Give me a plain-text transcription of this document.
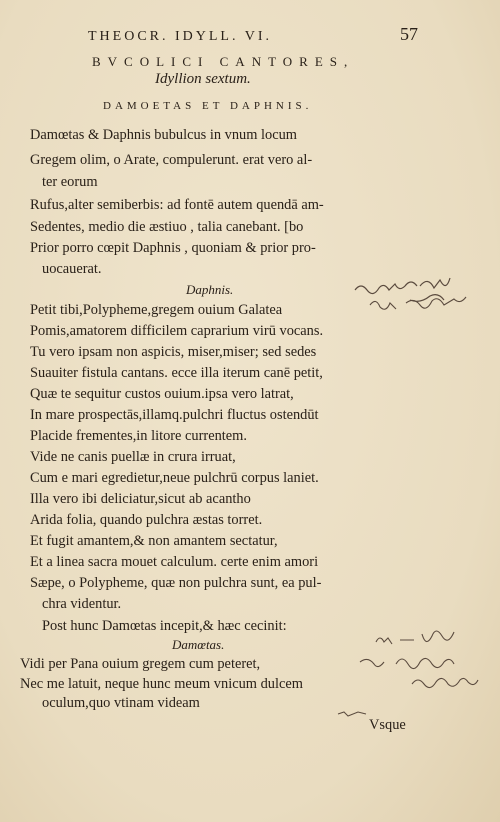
THEOCR. IDYLL. VI.	57
BVCOLICI CANTORES,
Idyllion sextum.
DAMOETAS ET DAPHNIS.
Damœtas & Daphnis bubulcus in vnum locum
Gregem olim, o Arate, compulerunt. erat vero al-
ter eorum
Rufus,alter semiberbis: ad fontē autem quendā am-
Sedentes, medio die æstiuo , talia canebant. [bo
Prior porro cœpit Daphnis , quoniam & prior pro-
uocauerat.
Daphnis.
Petit tibi,Polypheme,gregem ouium Galatea
Pomis,amatorem difficilem caprarium virū vocans.
Tu vero ipsam non aspicis, miser,miser; sed sedes
Suauiter fistula cantans. ecce illa iterum canē petit,
Quæ te sequitur custos ouium.ipsa vero latrat,
In mare prospectās,illamq.pulchri fluctus ostendūt
Placide frementes,in litore currentem.
Vide ne canis puellæ in crura irruat,
Cum e mari egredietur,neue pulchrū corpus laniet.
Illa vero ibi deliciatur,sicut ab acantho
Arida folia, quando pulchra æstas torret.
Et fugit amantem,& non amantem sectatur,
Et a linea sacra mouet calculum. certe enim amori
Sæpe, o Polypheme, quæ non pulchra sunt, ea pul-
chra videntur.
Post hunc Damœtas incepit,& hæc cecinit:
Damœtas.
Vidi per Pana ouium gregem cum peteret,
Nec me latuit, neque hunc meum vnicum dulcem
oculum,quo vtinam videam
Vsque
